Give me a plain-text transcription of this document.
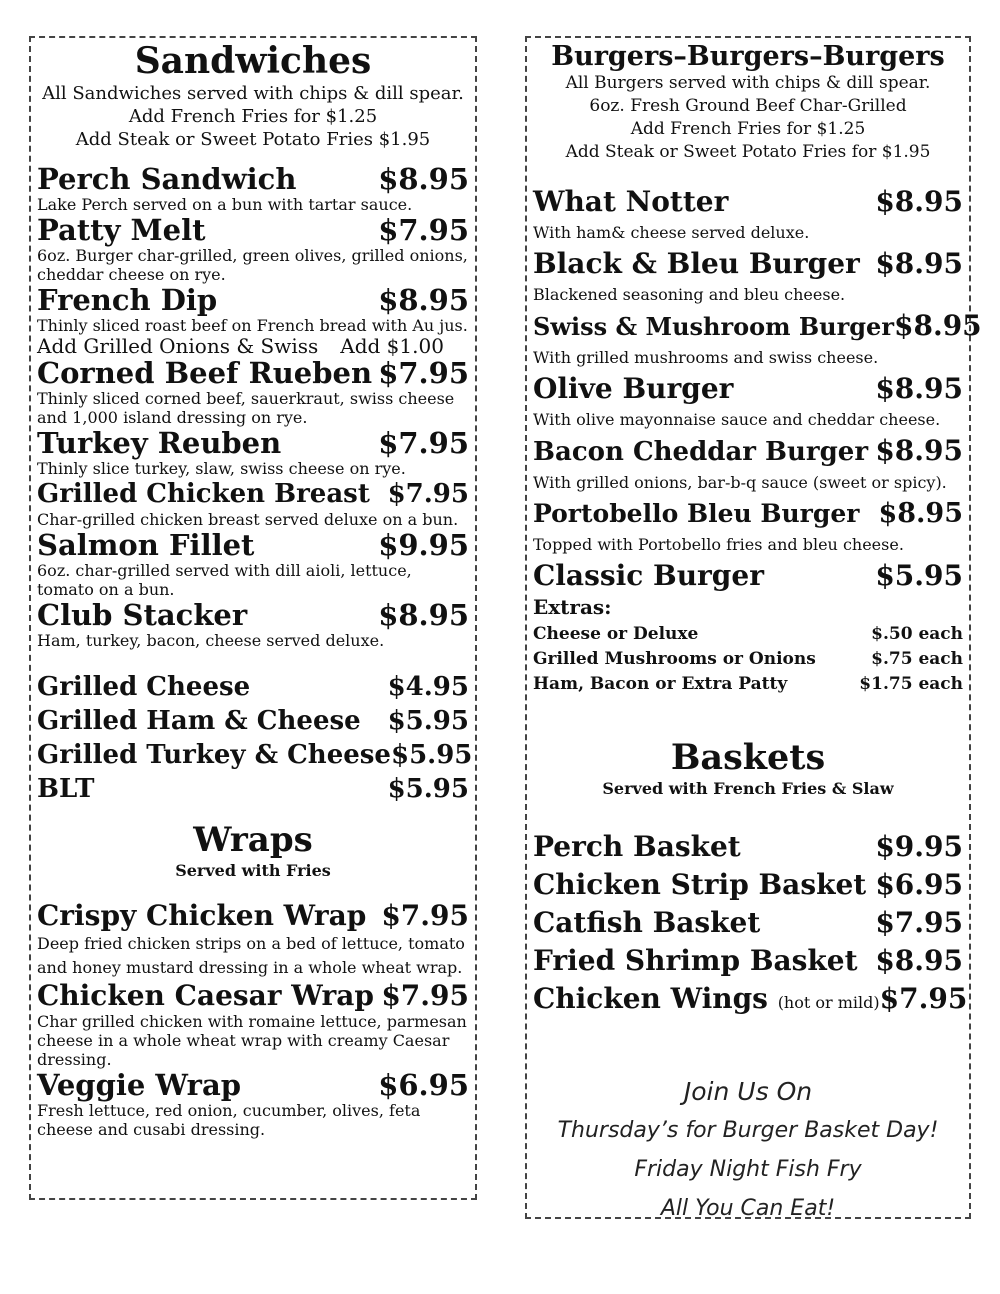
Sandwiches
All Sandwiches served with chips & dill spear.
Add French Fries for $1.25
Add Steak or Sweet Potato Fries $1.95
Perch Sandwich	$8.95
Lake Perch served on a bun with tartar sauce.
Patty Melt	$7.95
6oz. Burger char-grilled, green olives, grilled onions, cheddar cheese on rye.
French Dip	$8.95
Thinly sliced roast beef on French bread with Au jus.
Add Grilled Onions & Swiss Add $1.00
Corned Beef Rueben $7.95
Thinly sliced corned beef, sauerkraut, swiss cheese and 1,000 island dressing on rye.
Turkey Reuben	$7.95
Thinly slice turkey, slaw, swiss cheese on rye.
Grilled Chicken Breast $7.95
Char-grilled chicken breast served deluxe on a bun.
Salmon Fillet	$9.95
6oz. char-grilled served with dill aioli, lettuce, tomato on a bun.
Club Stacker	$8.95
Ham, turkey, bacon, cheese served deluxe.
Grilled Cheese	$4.95
Grilled Ham & Cheese $5.95
Grilled Turkey & Cheese $5.95
BLT	$5.95
Wraps
Served with Fries
Crispy Chicken Wrap $7.95
Deep fried chicken strips on a bed of lettuce, tomato and honey mustard dressing in a whole wheat wrap.
Chicken Caesar Wrap $7.95
Char grilled chicken with romaine lettuce, parmesan cheese in a whole wheat wrap with creamy Caesar dressing.
Veggie Wrap	$6.95
Fresh lettuce, red onion, cucumber, olives, feta cheese and cusabi dressing.
Burgers–Burgers–Burgers
All Burgers served with chips & dill spear.
6oz. Fresh Ground Beef Char-Grilled
Add French Fries for $1.25
Add Steak or Sweet Potato Fries for $1.95
What Notter	$8.95
With ham& cheese served deluxe.
Black & Bleu Burger $8.95
Blackened seasoning and bleu cheese.
Swiss & Mushroom Burger $8.95
With grilled mushrooms and swiss cheese.
Olive Burger	$8.95
With olive mayonnaise sauce and cheddar cheese.
Bacon Cheddar Burger $8.95
With grilled onions, bar-b-q sauce (sweet or spicy).
Portobello Bleu Burger $8.95
Topped with Portobello fries and bleu cheese.
Classic Burger	$5.95
Extras:
Cheese or Deluxe	$.50 each
Grilled Mushrooms or Onions	$.75 each
Ham, Bacon or Extra Patty	$1.75 each
Baskets
Served with French Fries & Slaw
Perch Basket	$9.95
Chicken Strip Basket $6.95
Catfish Basket	$7.95
Fried Shrimp Basket $8.95
Chicken Wings (hot or mild) $7.95
Join Us On
Thursday’s for Burger Basket Day!
Friday Night Fish Fry
All You Can Eat!
